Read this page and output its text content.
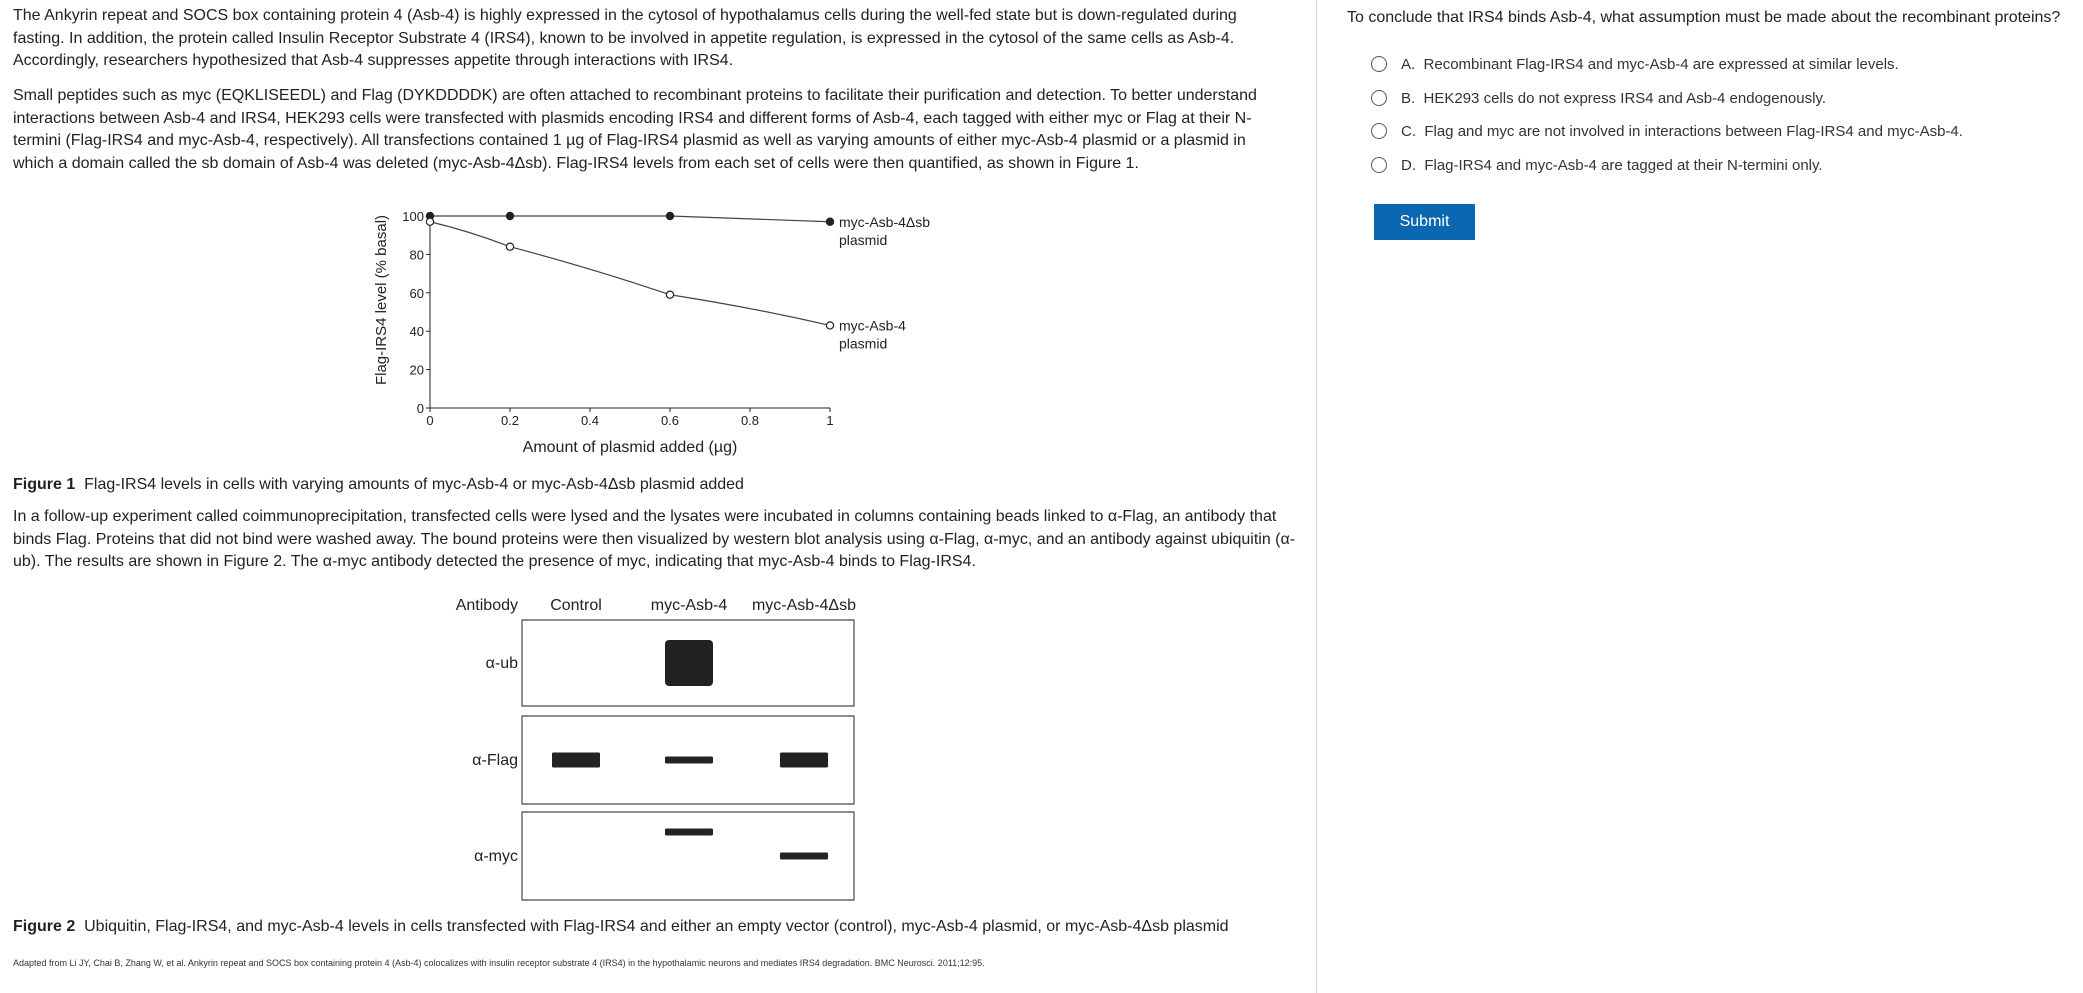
The Ankyrin repeat and SOCS box containing protein 4 (Asb-4) is highly expressed in the cytosol of hypothalamus cells during the well-fed state but is down-regulated during fasting. In addition, the protein called Insulin Receptor Substrate 4 (IRS4), known to be involved in appetite regulation, is expressed in the cytosol of the same cells as Asb-4. Accordingly, researchers hypothesized that Asb-4 suppresses appetite through interactions with IRS4.

Small peptides such as myc (EQKLISEEDL) and Flag (DYKDDDDK) are often attached to recombinant proteins to facilitate their purification and detection. To better understand interactions between Asb-4 and IRS4, HEK293 cells were transfected with plasmids encoding IRS4 and different forms of Asb-4, each tagged with either myc or Flag at their N-termini (Flag-IRS4 and myc-Asb-4, respectively). All transfections contained 1 µg of Flag-IRS4 plasmid as well as varying amounts of either myc-Asb-4 plasmid or a plasmid in which a domain called the sb domain of Asb-4 was deleted (myc-Asb-4Δsb). Flag-IRS4 levels from each set of cells were then quantified, as shown in Figure 1.

Flag-IRS4 level (% basal)
Amount of plasmid added (µg)
0	0.2	0.4	0.6	0.8	1
0
20
40
60
80
100	myc-Asb-4Δsb
plasmid
myc-Asb-4
plasmid

Figure 1 Flag-IRS4 levels in cells with varying amounts of myc-Asb-4 or myc-Asb-4Δsb plasmid added

In a follow-up experiment called coimmunoprecipitation, transfected cells were lysed and the lysates were incubated in columns containing beads linked to α-Flag, an antibody that binds Flag. Proteins that did not bind were washed away. The bound proteins were then visualized by western blot analysis using α-Flag, α-myc, and an antibody against ubiquitin (α-ub). The results are shown in Figure 2. The α-myc antibody detected the presence of myc, indicating that myc-Asb-4 binds to Flag-IRS4.

Antibody Control	myc-Asb-4 myc-Asb-4Δsb
α-ub
α-Flag
α-myc

Figure 2 Ubiquitin, Flag-IRS4, and myc-Asb-4 levels in cells transfected with Flag-IRS4 and either an empty vector (control), myc-Asb-4 plasmid, or myc-Asb-4Δsb plasmid

Adapted from Li JY, Chai B, Zhang W, et al. Ankyrin repeat and SOCS box containing protein 4 (Asb-4) colocalizes with insulin receptor substrate 4 (IRS4) in the hypothalamic neurons and mediates IRS4 degradation. BMC Neurosci. 2011;12:95.

To conclude that IRS4 binds Asb-4, what assumption must be made about the recombinant proteins?

A. Recombinant Flag-IRS4 and myc-Asb-4 are expressed at similar levels.
B. HEK293 cells do not express IRS4 and Asb-4 endogenously.
C. Flag and myc are not involved in interactions between Flag-IRS4 and myc-Asb-4.
D. Flag-IRS4 and myc-Asb-4 are tagged at their N-termini only.
Submit
